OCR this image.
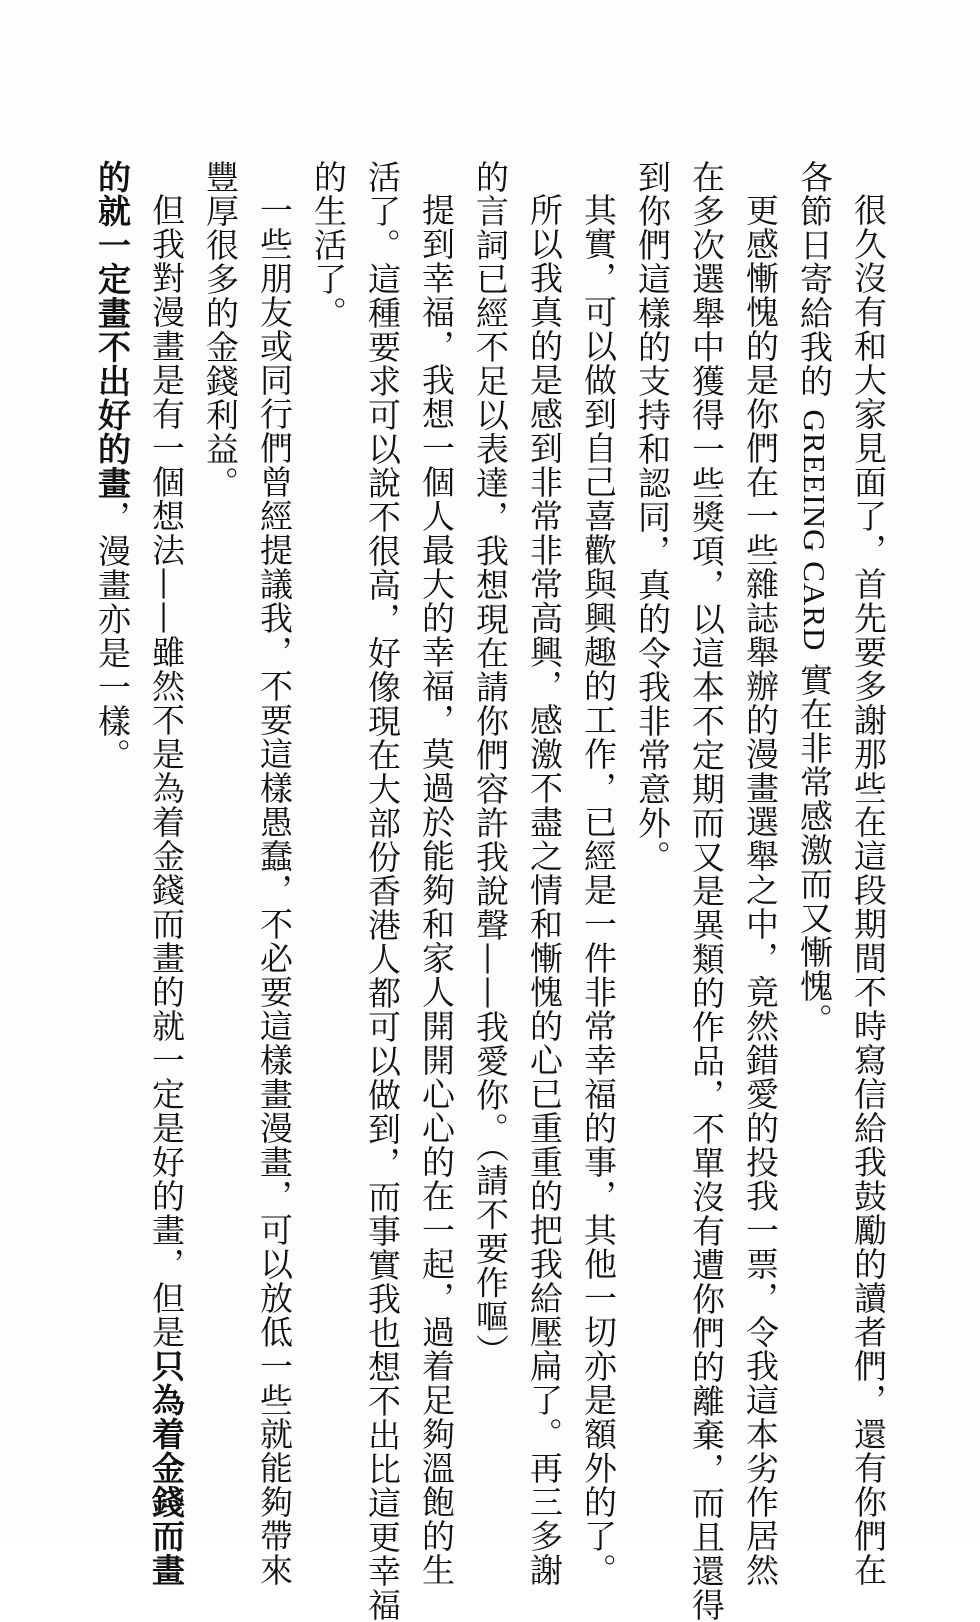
很久沒有和大家見面了，首先要多謝那些在這段期間不時寫信給我鼓勵的讀者們，還有你們在
各節日寄給我的 GREEING CARD 實在非常感激而又慚愧。
更感慚愧的是你們在一些雜誌舉辦的漫畫選舉之中，竟然錯愛的投我一票，令我這本劣作居然
在多次選舉中獲得一些獎項，以這本不定期而又是異類的作品，不單沒有遭你們的離棄，而且還得
到你們這樣的支持和認同，真的令我非常意外。
其實，可以做到自己喜歡與興趣的工作，已經是一件非常幸福的事，其他一切亦是額外的了。
所以我真的是感到非常非常高興，感激不盡之情和慚愧的心已重重的把我給壓扁了。再三多謝
的言詞已經不足以表達，我想現在請你們容許我說聲——我愛你。（請不要作嘔）
提到幸福，我想一個人最大的幸福，莫過於能夠和家人開開心心的在一起，過着足夠溫飽的生
活了。這種要求可以說不很高，好像現在大部份香港人都可以做到，而事實我也想不出比這更幸福
的生活了。
一些朋友或同行們曾經提議我，不要這樣愚蠢，不必要這樣畫漫畫，可以放低一些就能夠帶來
豐厚很多的金錢利益。
但我對漫畫是有一個想法——雖然不是為着金錢而畫的就一定是好的畫，但是只為着金錢而畫
的就一定畫不出好的畫，漫畫亦是一樣。
